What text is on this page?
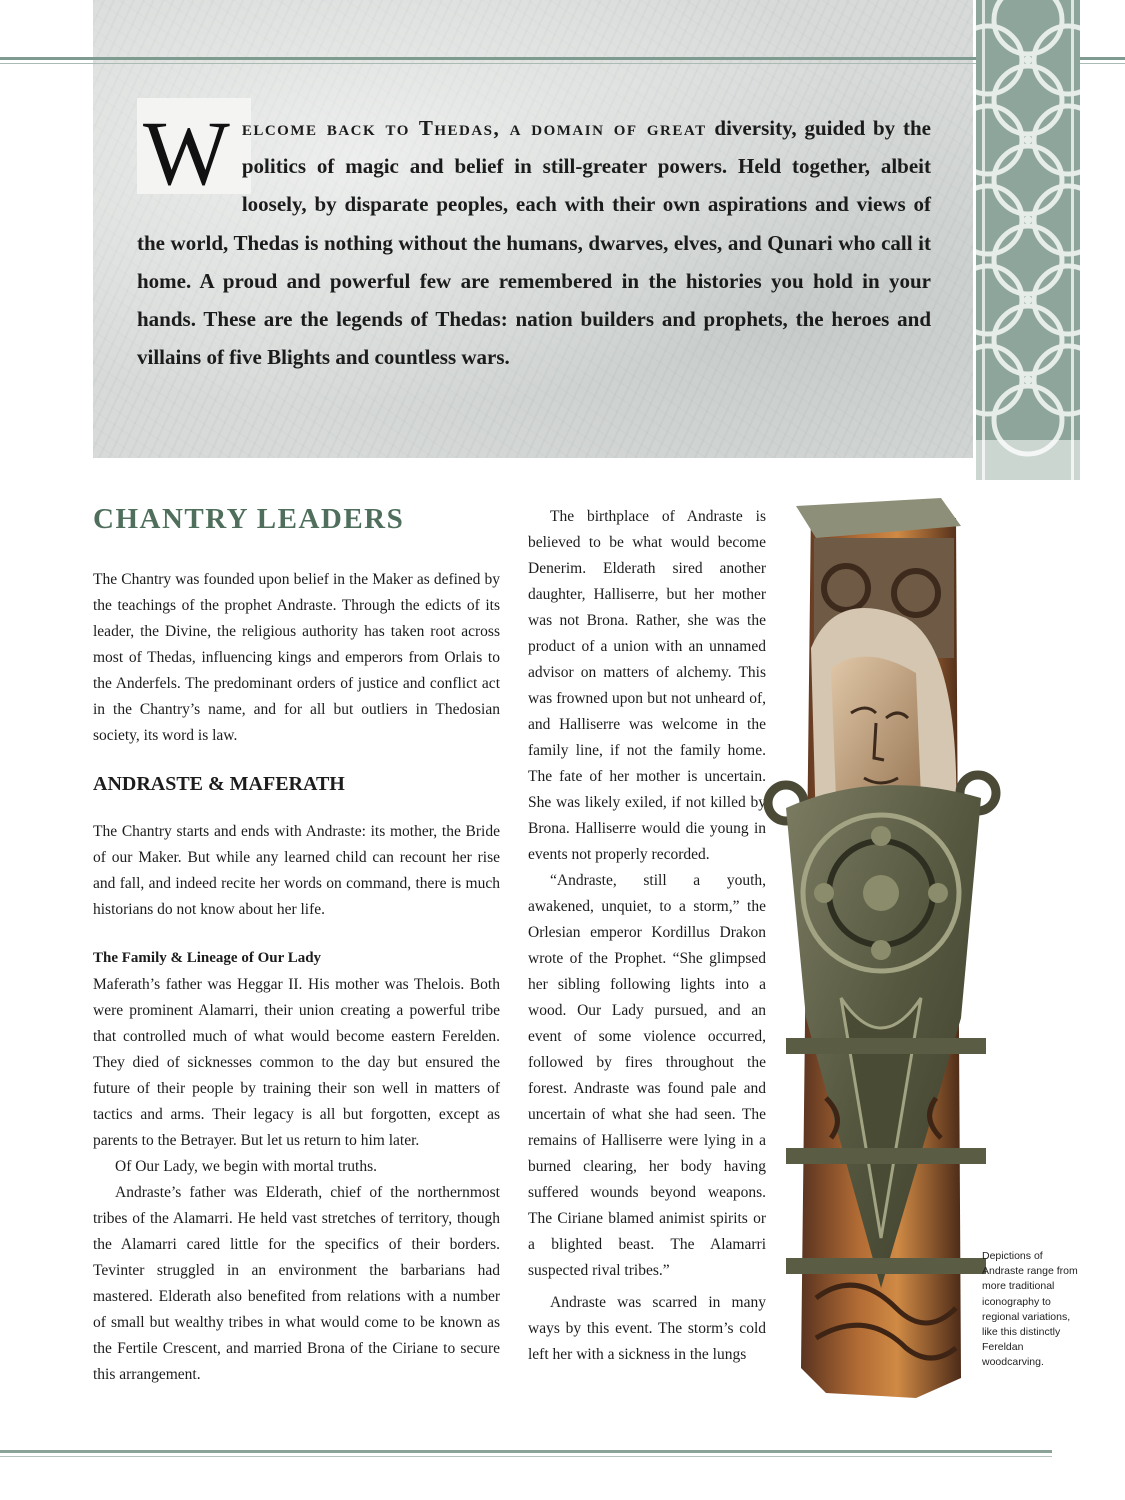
Welcome back to Thedas, a domain of great diversity, guided by the politics of magic and belief in still-greater powers. Held together, albeit loosely, by disparate peoples, each with their own aspirations and views of the world, Thedas is nothing without the humans, dwarves, elves, and Qunari who call it home. A proud and powerful few are remembered in the histories you hold in your hands. These are the legends of Thedas: nation builders and prophets, the heroes and villains of five Blights and countless wars.
CHANTRY LEADERS

The Chantry was founded upon belief in the Maker as defined by the teachings of the prophet Andraste. Through the edicts of its leader, the Divine, the religious authority has taken root across most of Thedas, influencing kings and emperors from Orlais to the Anderfels. The predominant orders of justice and conflict act in the Chantry’s name, and for all but outliers in Thedosian society, its word is law.

ANDRASTE & MAFERATH

The Chantry starts and ends with Andraste: its mother, the Bride of our Maker. But while any learned child can recount her rise and fall, and indeed recite her words on command, there is much historians do not know about her life.

The Family & Lineage of Our Lady

Maferath’s father was Heggar II. His mother was Thelois. Both were prominent Alamarri, their union creating a powerful tribe that controlled much of what would become eastern Ferelden. They died of sicknesses common to the day but ensured the future of their people by training their son well in matters of tactics and arms. Their legacy is all but forgotten, except as parents to the Betrayer. But let us return to him later.

Of Our Lady, we begin with mortal truths.

Andraste’s father was Elderath, chief of the northernmost tribes of the Alamarri. He held vast stretches of territory, though the Alamarri cared little for the specifics of their borders. Tevinter struggled in an environment the barbarians had mastered. Elderath also benefited from relations with a number of small but wealthy tribes in what would come to be known as the Fertile Crescent, and married Brona of the Ciriane to secure this arrangement.

The birthplace of Andraste is believed to be what would become Denerim. Elderath sired another daughter, Halliserre, but her mother was not Brona. Rather, she was the product of a union with an unnamed advisor on matters of alchemy. This was frowned upon but not unheard of, and Halliserre was welcome in the family line, if not the family home. The fate of her mother is uncertain. She was likely exiled, if not killed by Brona. Halliserre would die young in events not properly recorded.

“Andraste, still a youth, awakened, unquiet, to a storm,” the Orlesian emperor Kordillus Drakon wrote of the Prophet. “She glimpsed her sibling following lights into a wood. Our Lady pursued, and an event of some violence occurred, followed by fires throughout the forest. Andraste was found pale and uncertain of what she had seen. The remains of Halliserre were lying in a burned clearing, her body having suffered wounds beyond weapons. The Ciriane blamed animist spirits or a blighted beast. The Alamarri suspected rival tribes.”

Andraste was scarred in many ways by this event. The storm’s cold left her with a sickness in the lungs

Depictions of Andraste range from more traditional iconography to regional variations, like this distinctly Fereldan woodcarving.
